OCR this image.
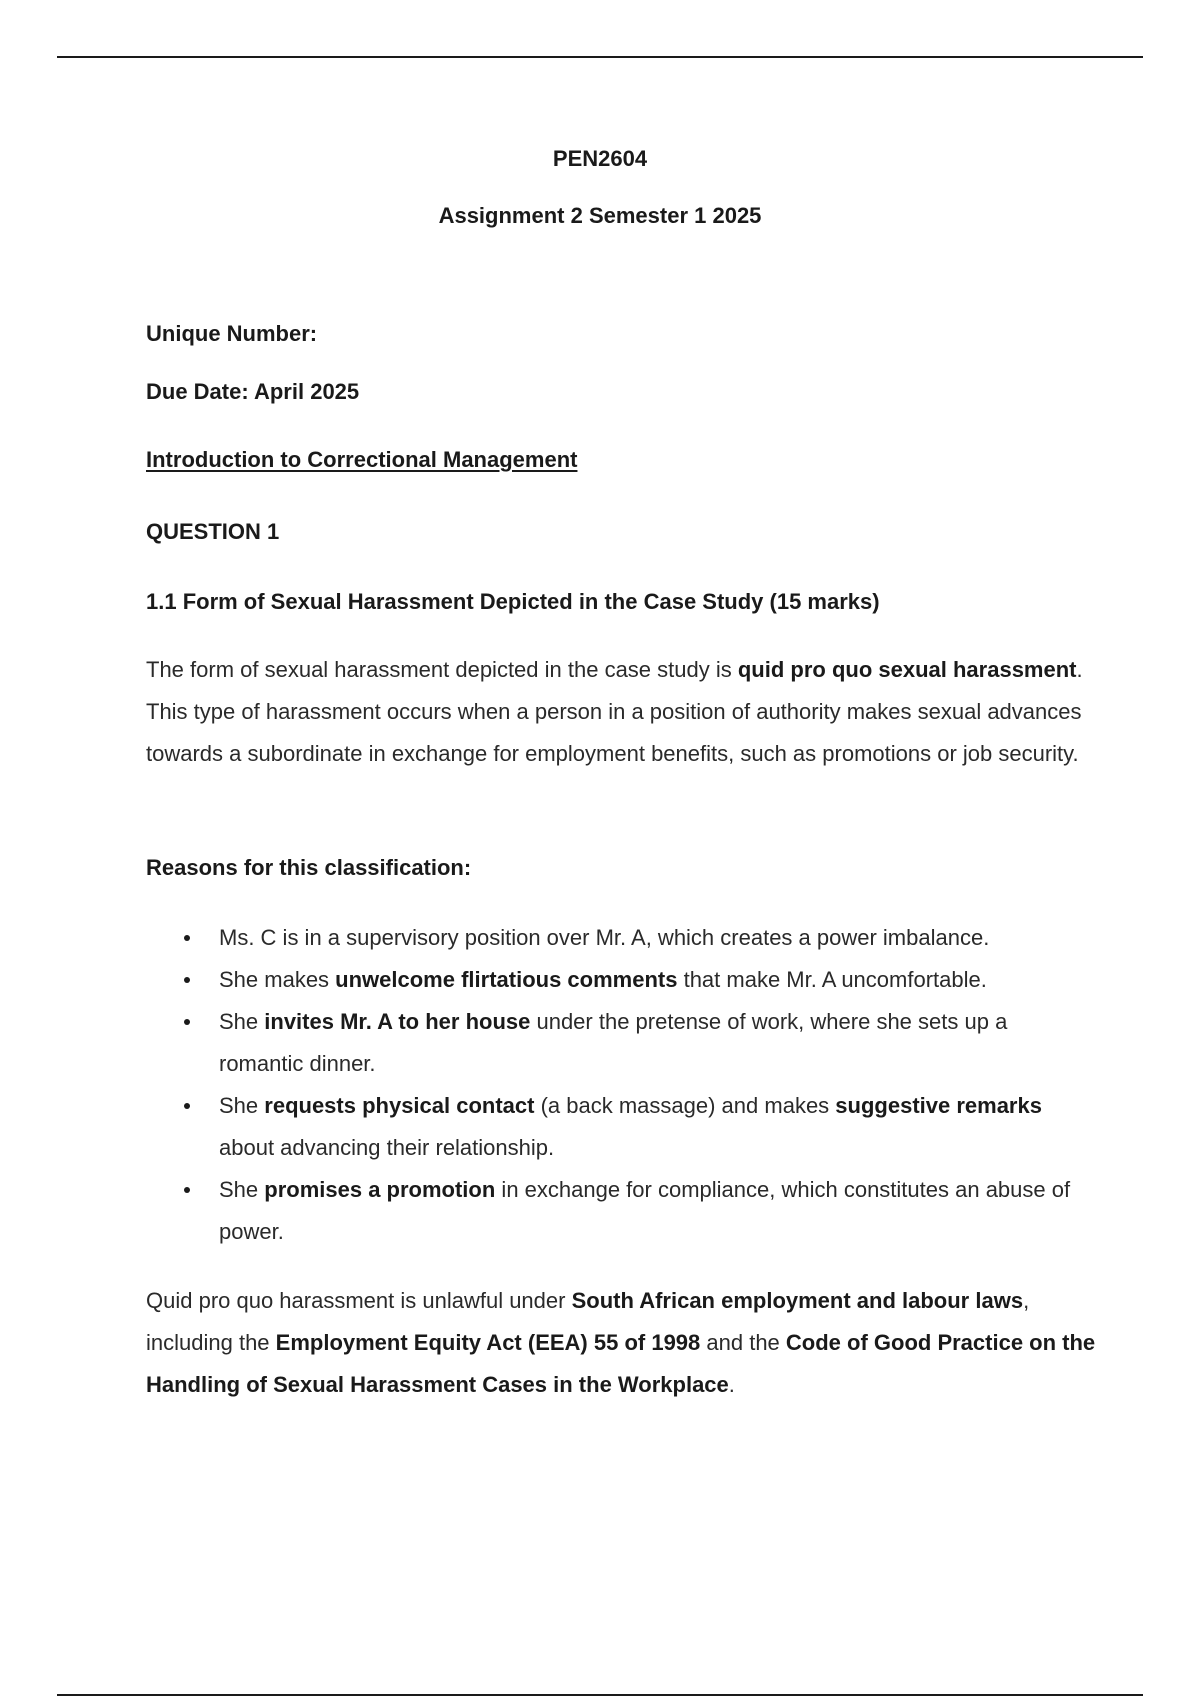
PEN2604
Assignment 2 Semester 1 2025
Unique Number:
Due Date: April 2025
Introduction to Correctional Management
QUESTION 1
1.1 Form of Sexual Harassment Depicted in the Case Study (15 marks)
The form of sexual harassment depicted in the case study is quid pro quo sexual harassment. This type of harassment occurs when a person in a position of authority makes sexual advances towards a subordinate in exchange for employment benefits, such as promotions or job security.
Reasons for this classification:
Ms. C is in a supervisory position over Mr. A, which creates a power imbalance.
She makes unwelcome flirtatious comments that make Mr. A uncomfortable.
She invites Mr. A to her house under the pretense of work, where she sets up a romantic dinner.
She requests physical contact (a back massage) and makes suggestive remarks about advancing their relationship.
She promises a promotion in exchange for compliance, which constitutes an abuse of power.
Quid pro quo harassment is unlawful under South African employment and labour laws, including the Employment Equity Act (EEA) 55 of 1998 and the Code of Good Practice on the Handling of Sexual Harassment Cases in the Workplace.
